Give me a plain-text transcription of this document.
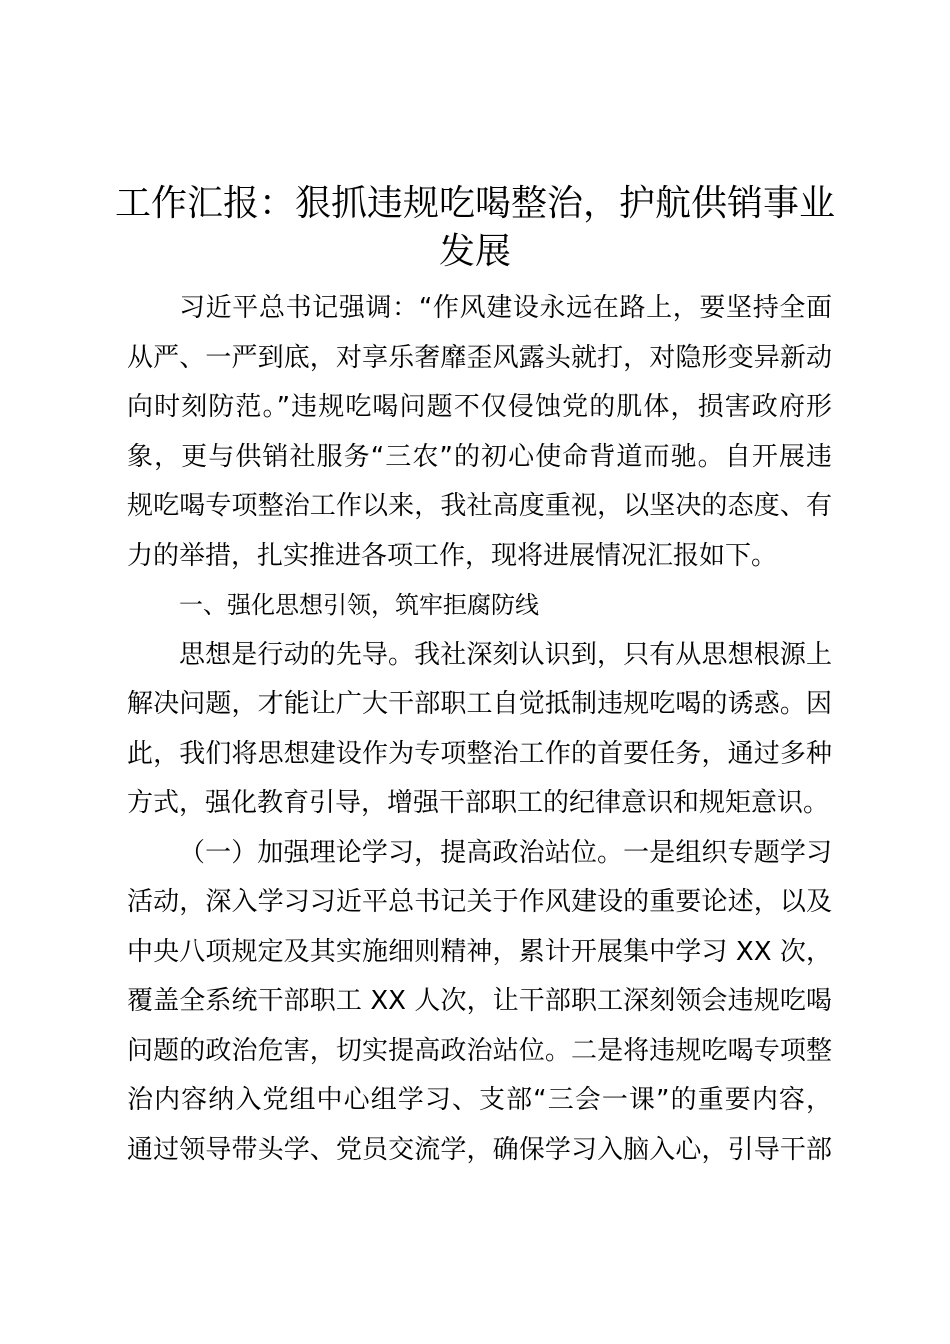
工作汇报：狠抓违规吃喝整治，护航供销事业
发展
习近平总书记强调：“作风建设永远在路上，要坚持全面
从严、一严到底，对享乐奢靡歪风露头就打，对隐形变异新动
向时刻防范。”违规吃喝问题不仅侵蚀党的肌体，损害政府形
象，更与供销社服务“三农”的初心使命背道而驰。自开展违
规吃喝专项整治工作以来，我社高度重视，以坚决的态度、有
力的举措，扎实推进各项工作，现将进展情况汇报如下。
一、强化思想引领，筑牢拒腐防线
思想是行动的先导。我社深刻认识到，只有从思想根源上
解决问题，才能让广大干部职工自觉抵制违规吃喝的诱惑。因
此，我们将思想建设作为专项整治工作的首要任务，通过多种
方式，强化教育引导，增强干部职工的纪律意识和规矩意识。
（一）加强理论学习，提高政治站位。一是组织专题学习
活动，深入学习习近平总书记关于作风建设的重要论述，以及
中央八项规定及其实施细则精神，累计开展集中学习 XX 次，
覆盖全系统干部职工 XX 人次，让干部职工深刻领会违规吃喝
问题的政治危害，切实提高政治站位。二是将违规吃喝专项整
治内容纳入党组中心组学习、支部“三会一课”的重要内容，
通过领导带头学、党员交流学，确保学习入脑入心，引导干部
